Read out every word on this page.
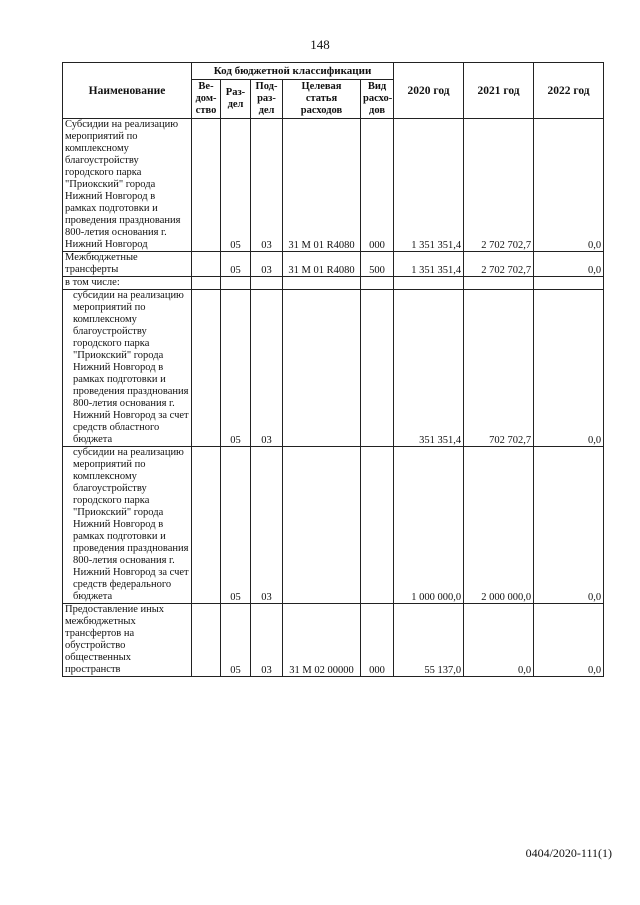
148
Наименование	Код бюджетной классификации					2020 год	2021 год	2022 год
	Ве- дом- ство	Раз- дел	Под- раз- дел	Целевая статья расходов	Вид расхо- дов			
Субсидии на реализацию мероприятий по комплексному благоустройству городского парка "Приокский" города Нижний Новгород в рамках подготовки и проведения празднования 800-летия основания г. Нижний Новгород		05	03	31 М 01 R4080	000	1 351 351,4	2 702 702,7	0,0
Межбюджетные трансферты		05	03	31 М 01 R4080	500	1 351 351,4	2 702 702,7	0,0
в том числе:								
субсидии на реализацию мероприятий по комплексному благоустройству городского парка "Приокский" города Нижний Новгород в рамках подготовки и проведения празднования 800-летия основания г. Нижний Новгород за счет средств областного бюджета		05	03			351 351,4	702 702,7	0,0
субсидии на реализацию мероприятий по комплексному благоустройству городского парка "Приокский" города Нижний Новгород в рамках подготовки и проведения празднования 800-летия основания г. Нижний Новгород за счет средств федерального бюджета		05	03			1 000 000,0	2 000 000,0	0,0
Предоставление иных межбюджетных трансфертов на обустройство общественных пространств		05	03	31 М 02 00000	000	55 137,0	0,0	0,0
0404/2020-111(1)
